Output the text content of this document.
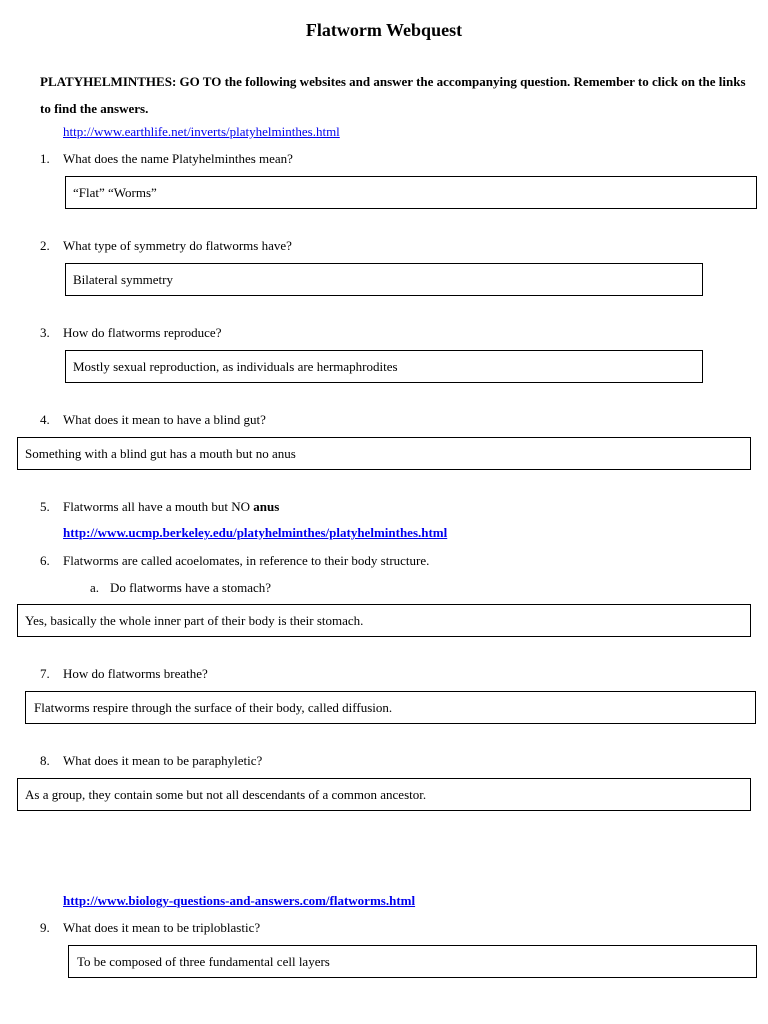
Flatworm Webquest
PLATYHELMINTHES: GO TO the following websites and answer the accompanying question. Remember to click on the links to find the answers.
http://www.earthlife.net/inverts/platyhelminthes.html
1. What does the name Platyhelminthes mean?
“Flat” “Worms”
2. What type of symmetry do flatworms have?
Bilateral symmetry
3. How do flatworms reproduce?
Mostly sexual reproduction, as individuals are hermaphrodites
4. What does it mean to have a blind gut?
Something with a blind gut has a mouth but no anus
5. Flatworms all have a mouth but NO anus
http://www.ucmp.berkeley.edu/platyhelminthes/platyhelminthes.html
6. Flatworms are called acoelomates, in reference to their body structure.
a. Do flatworms have a stomach?
Yes, basically the whole inner part of their body is their stomach.
7. How do flatworms breathe?
Flatworms respire through the surface of their body, called diffusion.
8. What does it mean to be paraphyletic?
As a group, they contain some but not all descendants of a common ancestor.
http://www.biology-questions-and-answers.com/flatworms.html
9. What does it mean to be triploblastic?
To be composed of three fundamental cell layers
